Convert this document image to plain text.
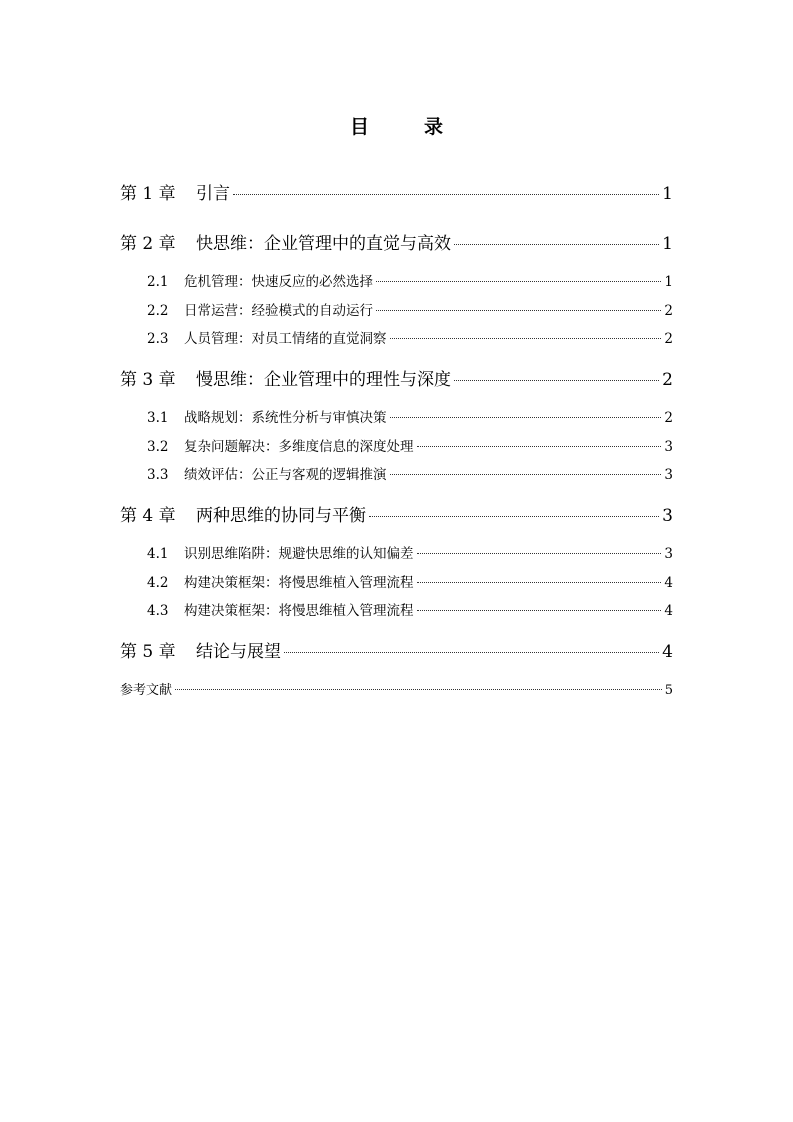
目　录
第 1 章	引言	1
第 2 章	快思维：企业管理中的直觉与高效	1
2.1	危机管理：快速反应的必然选择	1
2.2	日常运营：经验模式的自动运行	2
2.3	人员管理：对员工情绪的直觉洞察	2
第 3 章	慢思维：企业管理中的理性与深度	2
3.1	战略规划：系统性分析与审慎决策	2
3.2	复杂问题解决：多维度信息的深度处理	3
3.3	绩效评估：公正与客观的逻辑推演	3
第 4 章	两种思维的协同与平衡	3
4.1	识别思维陷阱：规避快思维的认知偏差	3
4.2	构建决策框架：将慢思维植入管理流程	4
4.3	构建决策框架：将慢思维植入管理流程	4
第 5 章	结论与展望	4
参考文献	5
